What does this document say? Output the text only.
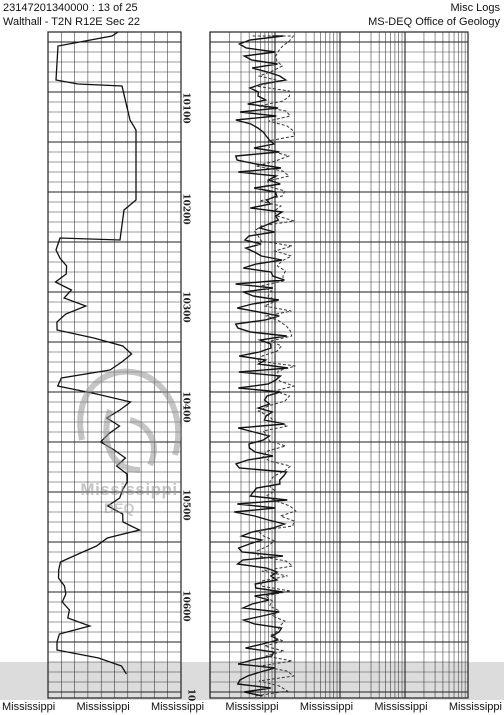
23147201340000 : 13 of 25
Walthall - T2N R12E Sec 22
Misc Logs
MS-DEQ Office of Geology
10100
10200
10300
10400
10500
10600
10
Mississippi
DEQ
Mississippi Mississippi Mississippi Mississippi Mississippi Mississippi Mississippi
